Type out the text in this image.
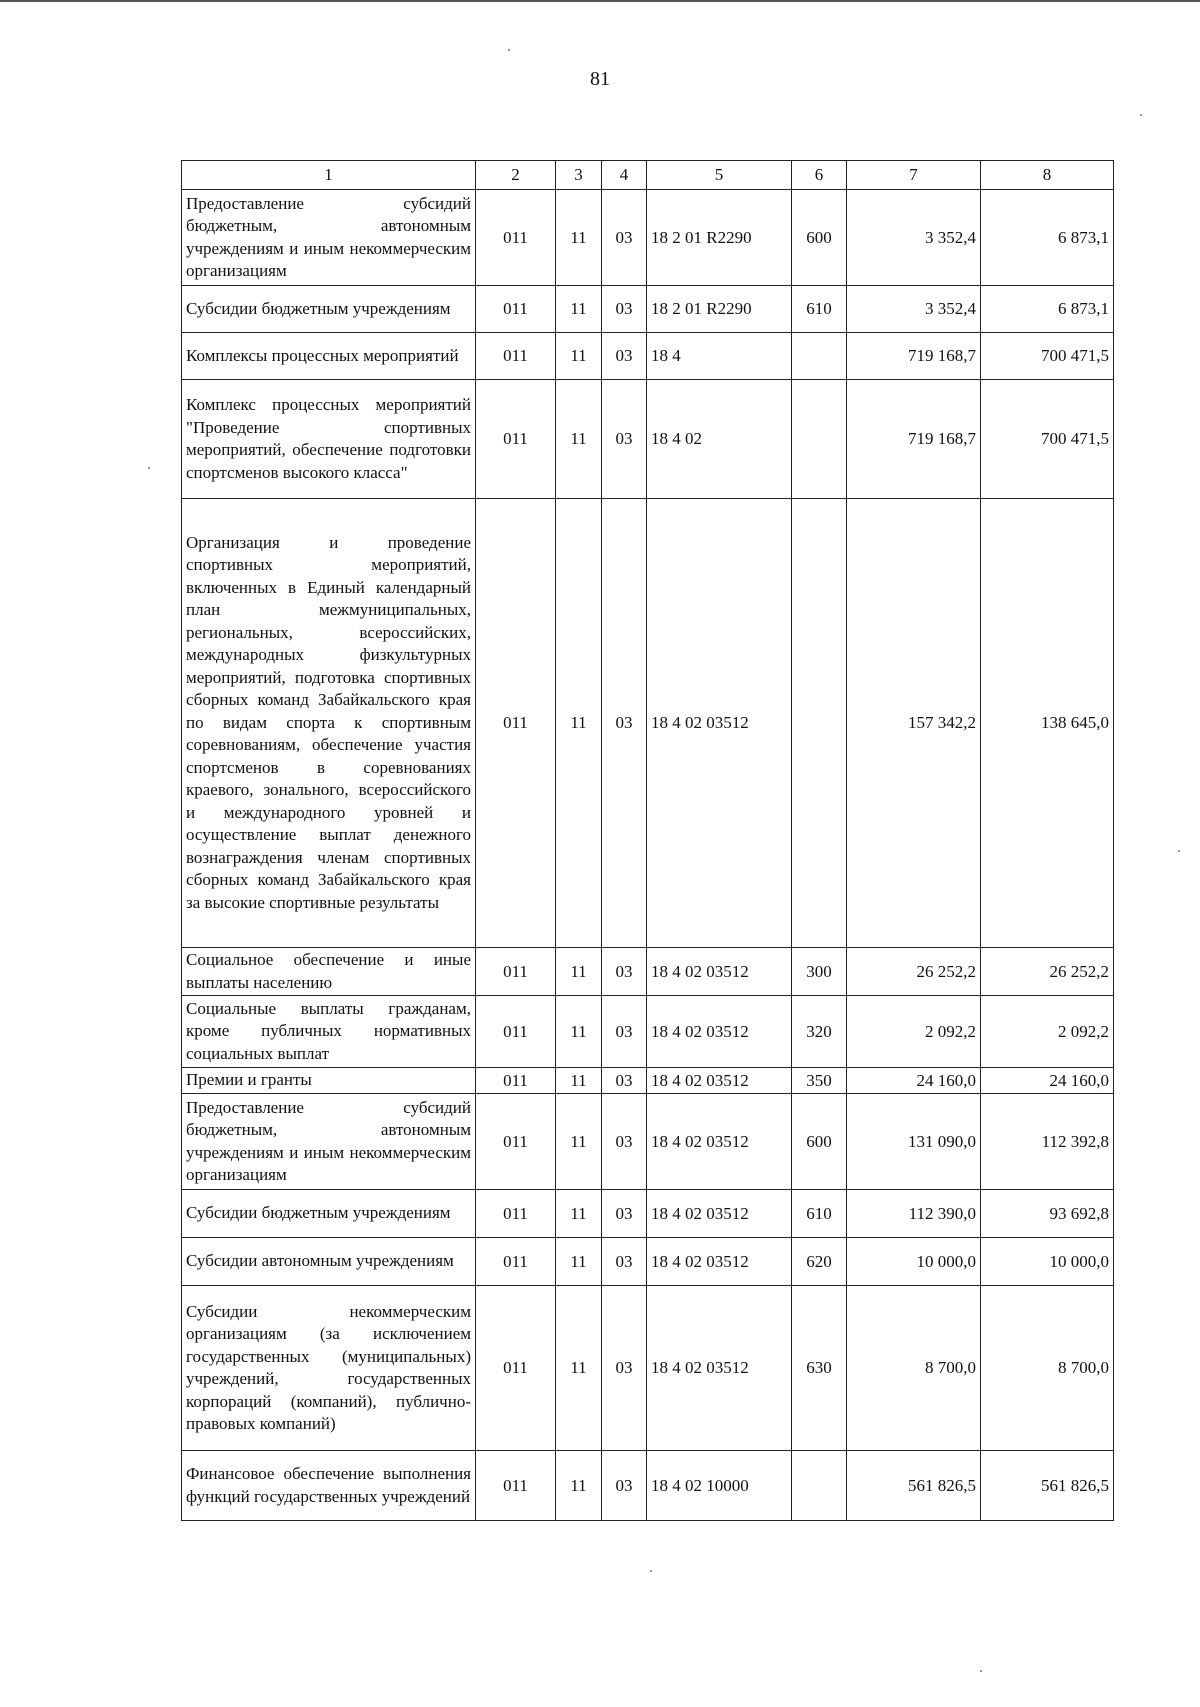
81
1	2	3	4	5	6	7	8
Предоставление субсидий бюджетным, автономным учреждениям и иным некоммерческим организациям	011	11	03	18 2 01 R2290	600	3 352,4	6 873,1
Субсидии бюджетным учреждениям	011	11	03	18 2 01 R2290	610	3 352,4	6 873,1
Комплексы процессных мероприятий	011	11	03	18 4		719 168,7	700 471,5
Комплекс процессных мероприятий "Проведение спортивных мероприятий, обеспечение подготовки спортсменов высокого класса"	011	11	03	18 4 02		719 168,7	700 471,5
Организация и проведение спортивных мероприятий, включенных в Единый календарный план межмуниципальных, региональных, всероссийских, международных физкультурных мероприятий, подготовка спортивных сборных команд Забайкальского края по видам спорта к спортивным соревнованиям, обеспечение участия спортсменов в соревнованиях краевого, зонального, всероссийского и международного уровней и осуществление выплат денежного вознаграждения членам спортивных сборных команд Забайкальского края за высокие спортивные результаты	011	11	03	18 4 02 03512		157 342,2	138 645,0
Социальное обеспечение и иные выплаты населению	011	11	03	18 4 02 03512	300	26 252,2	26 252,2
Социальные выплаты гражданам, кроме публичных нормативных социальных выплат	011	11	03	18 4 02 03512	320	2 092,2	2 092,2
Премии и гранты	011	11	03	18 4 02 03512	350	24 160,0	24 160,0
Предоставление субсидий бюджетным, автономным учреждениям и иным некоммерческим организациям	011	11	03	18 4 02 03512	600	131 090,0	112 392,8
Субсидии бюджетным учреждениям	011	11	03	18 4 02 03512	610	112 390,0	93 692,8
Субсидии автономным учреждениям	011	11	03	18 4 02 03512	620	10 000,0	10 000,0
Субсидии некоммерческим организациям (за исключением государственных (муниципальных) учреждений, государственных корпораций (компаний), публично-правовых компаний)	011	11	03	18 4 02 03512	630	8 700,0	8 700,0
Финансовое обеспечение выполнения функций государственных учреждений	011	11	03	18 4 02 10000		561 826,5	561 826,5
